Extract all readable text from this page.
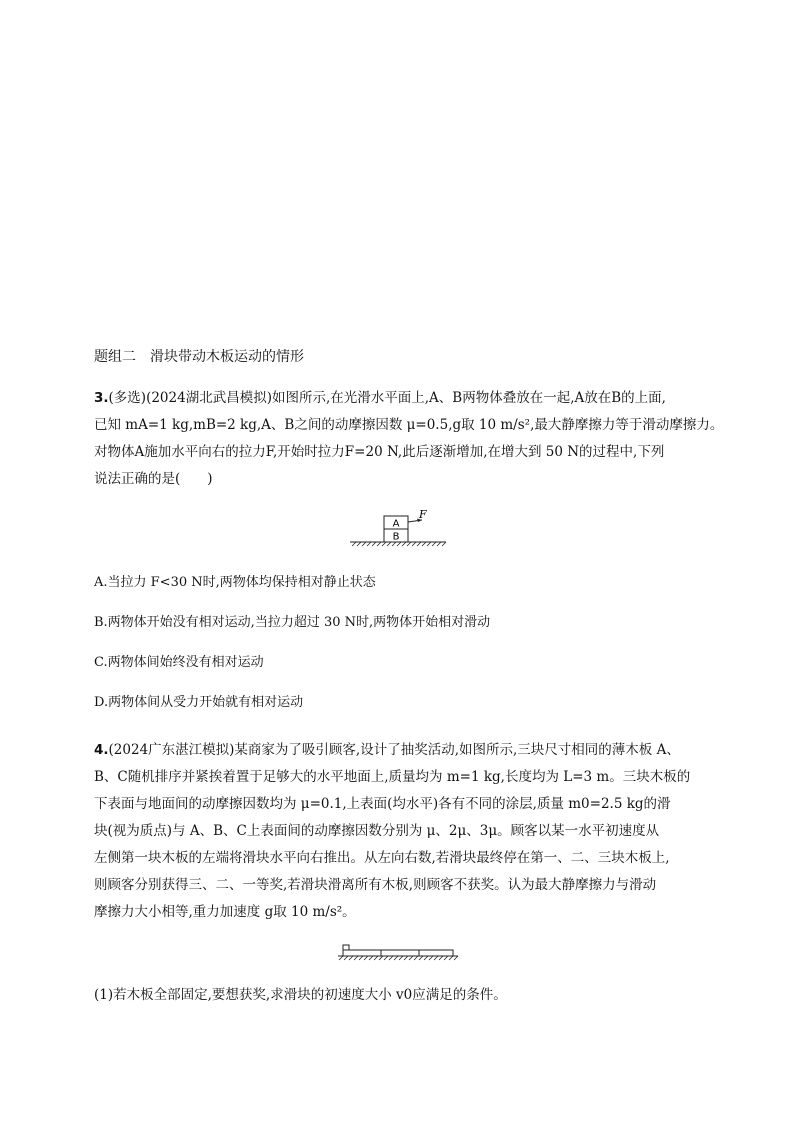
题组二　滑块带动木板运动的情形
3.(多选)(2024湖北武昌模拟)如图所示,在光滑水平面上,A、B两物体叠放在一起,A放在B的上面,
已知 mA=1 kg,mB=2 kg,A、B之间的动摩擦因数 μ=0.5,g取 10 m/s²,最大静摩擦力等于滑动摩擦力。
对物体A施加水平向右的拉力F,开始时拉力F=20 N,此后逐渐增加,在增大到 50 N的过程中,下列
说法正确的是(　　)
A
B
F
A.当拉力 F<30 N时,两物体均保持相对静止状态
B.两物体开始没有相对运动,当拉力超过 30 N时,两物体开始相对滑动
C.两物体间始终没有相对运动
D.两物体间从受力开始就有相对运动
4.(2024广东湛江模拟)某商家为了吸引顾客,设计了抽奖活动,如图所示,三块尺寸相同的薄木板 A、
B、C随机排序并紧挨着置于足够大的水平地面上,质量均为 m=1 kg,长度均为 L=3 m。三块木板的
下表面与地面间的动摩擦因数均为 μ=0.1,上表面(均水平)各有不同的涂层,质量 m0=2.5 kg的滑
块(视为质点)与 A、B、C上表面间的动摩擦因数分别为 μ、2μ、3μ。顾客以某一水平初速度从
左侧第一块木板的左端将滑块水平向右推出。从左向右数,若滑块最终停在第一、二、三块木板上,
则顾客分别获得三、二、一等奖,若滑块滑离所有木板,则顾客不获奖。认为最大静摩擦力与滑动
摩擦力大小相等,重力加速度 g取 10 m/s²。
(1)若木板全部固定,要想获奖,求滑块的初速度大小 v0应满足的条件。
